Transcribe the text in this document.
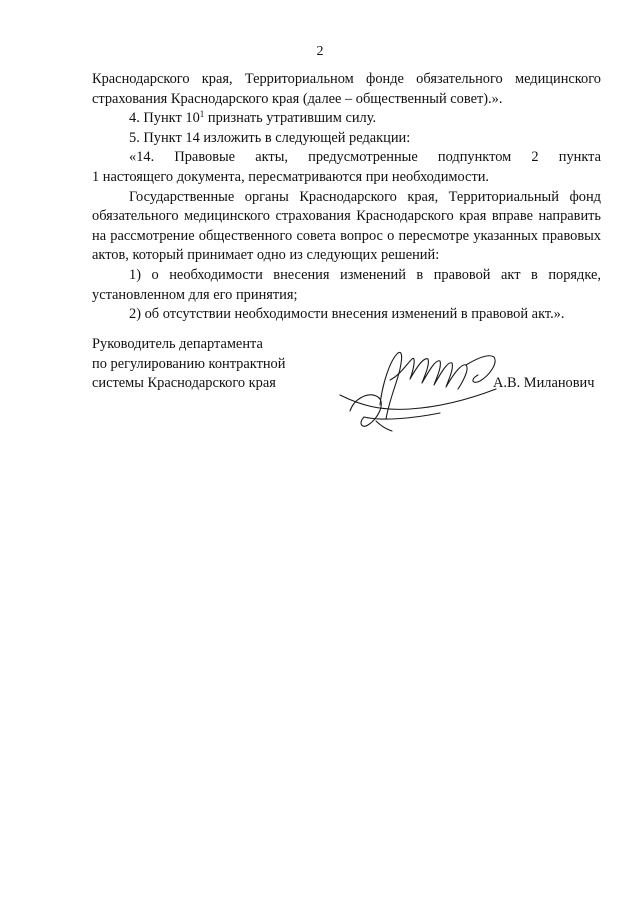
2

Краснодарского края, Территориальном фонде обязательного медицинского страхования Краснодарского края (далее – общественный совет).».

4. Пункт $10^1$ признать утратившим силу.

5. Пункт 14 изложить в следующей редакции:

«14. Правовые акты, предусмотренные подпунктом 2 пункта

1 настоящего документа, пересматриваются при необходимости.

Государственные органы Краснодарского края, Территориальный фонд обязательного медицинского страхования Краснодарского края вправе направить на рассмотрение общественного совета вопрос о пересмотре указанных правовых актов, который принимает одно из следующих решений:

1) о необходимости внесения изменений в правовой акт в порядке, установленном для его принятия;

2) об отсутствии необходимости внесения изменений в правовой акт.».

Руководитель департамента
по регулированию контрактной
системы Краснодарского края	А.В. Миланович
